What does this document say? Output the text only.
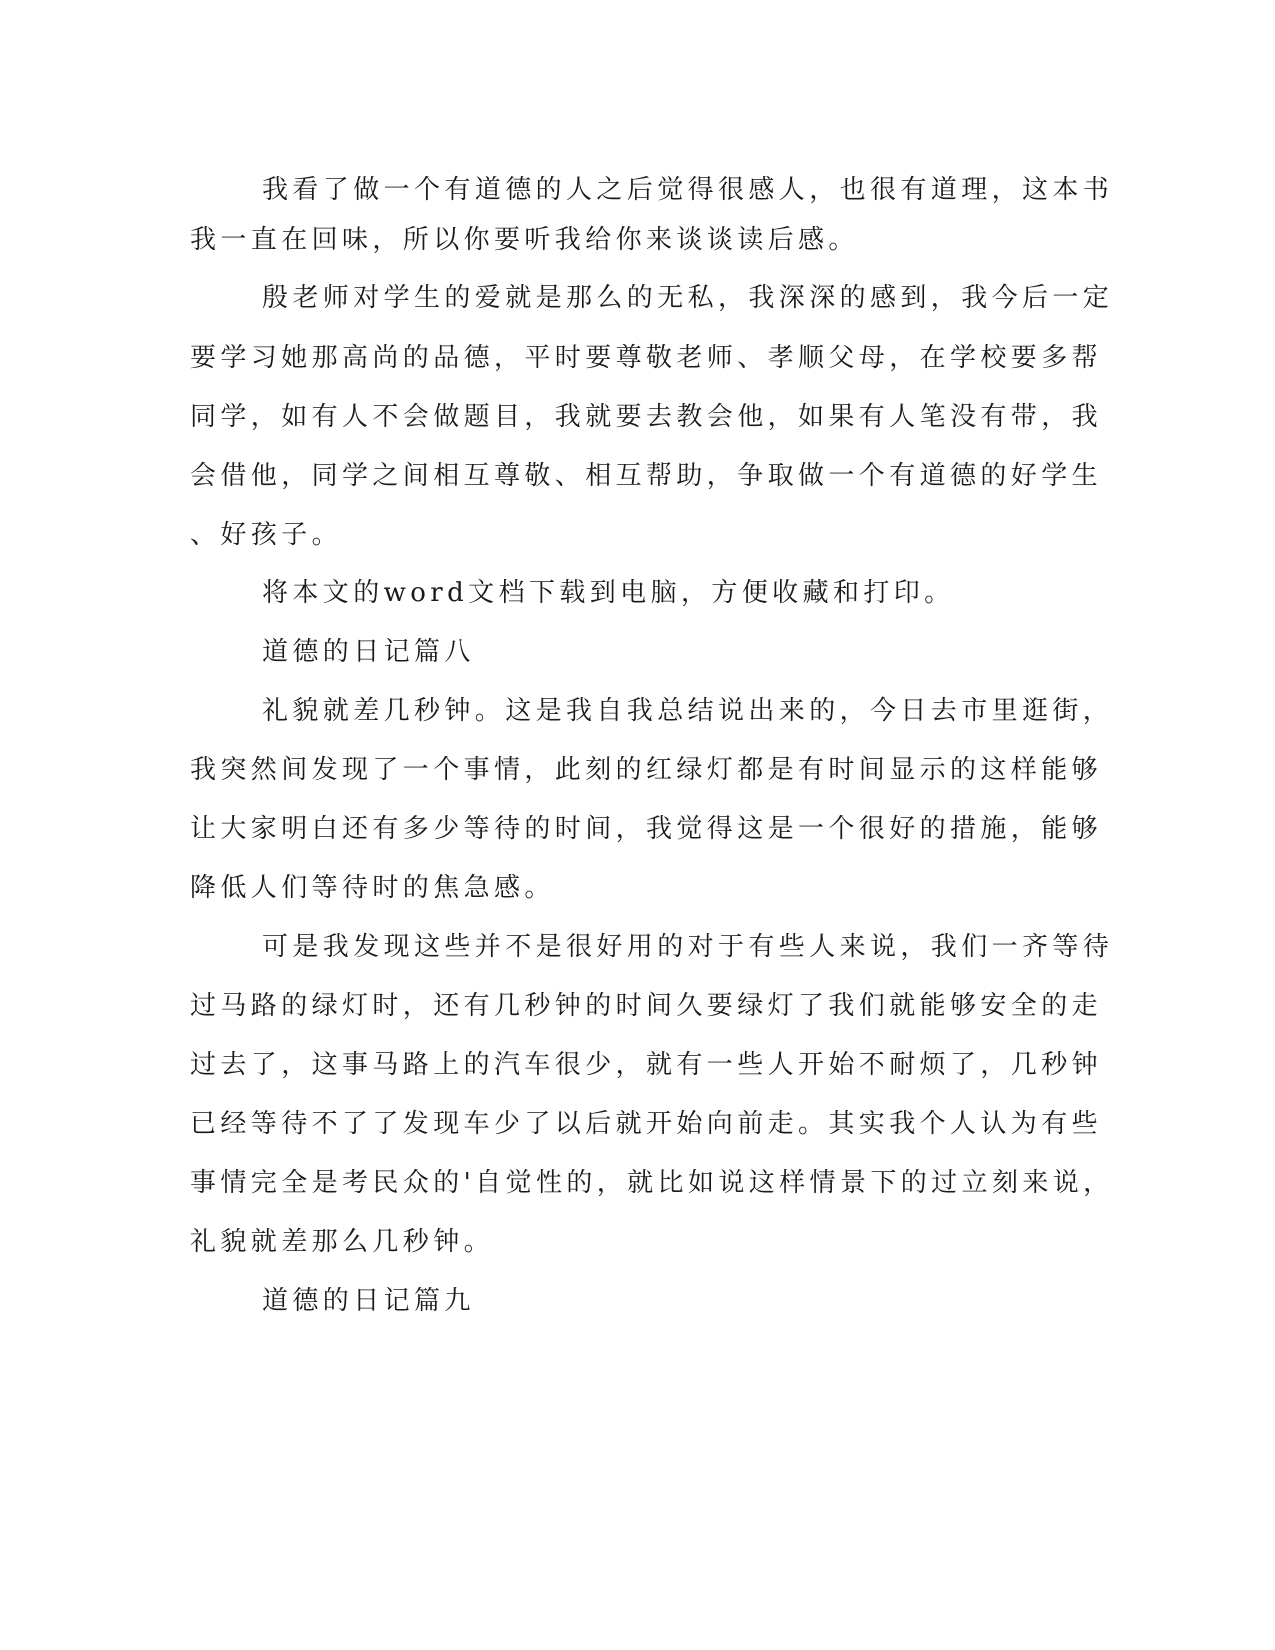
我看了做一个有道德的人之后觉得很感人，也很有道理，这本书
我一直在回味，所以你要听我给你来谈谈读后感。
殷老师对学生的爱就是那么的无私，我深深的感到，我今后一定
要学习她那高尚的品德，平时要尊敬老师、孝顺父母，在学校要多帮
同学，如有人不会做题目，我就要去教会他，如果有人笔没有带，我
会借他，同学之间相互尊敬、相互帮助，争取做一个有道德的好学生
、好孩子。
将本文的word文档下载到电脑，方便收藏和打印。
道德的日记篇八
礼貌就差几秒钟。这是我自我总结说出来的，今日去市里逛街，
我突然间发现了一个事情，此刻的红绿灯都是有时间显示的这样能够
让大家明白还有多少等待的时间，我觉得这是一个很好的措施，能够
降低人们等待时的焦急感。
可是我发现这些并不是很好用的对于有些人来说，我们一齐等待
过马路的绿灯时，还有几秒钟的时间久要绿灯了我们就能够安全的走
过去了，这事马路上的汽车很少，就有一些人开始不耐烦了，几秒钟
已经等待不了了发现车少了以后就开始向前走。其实我个人认为有些
事情完全是考民众的'自觉性的，就比如说这样情景下的过立刻来说，
礼貌就差那么几秒钟。
道德的日记篇九
